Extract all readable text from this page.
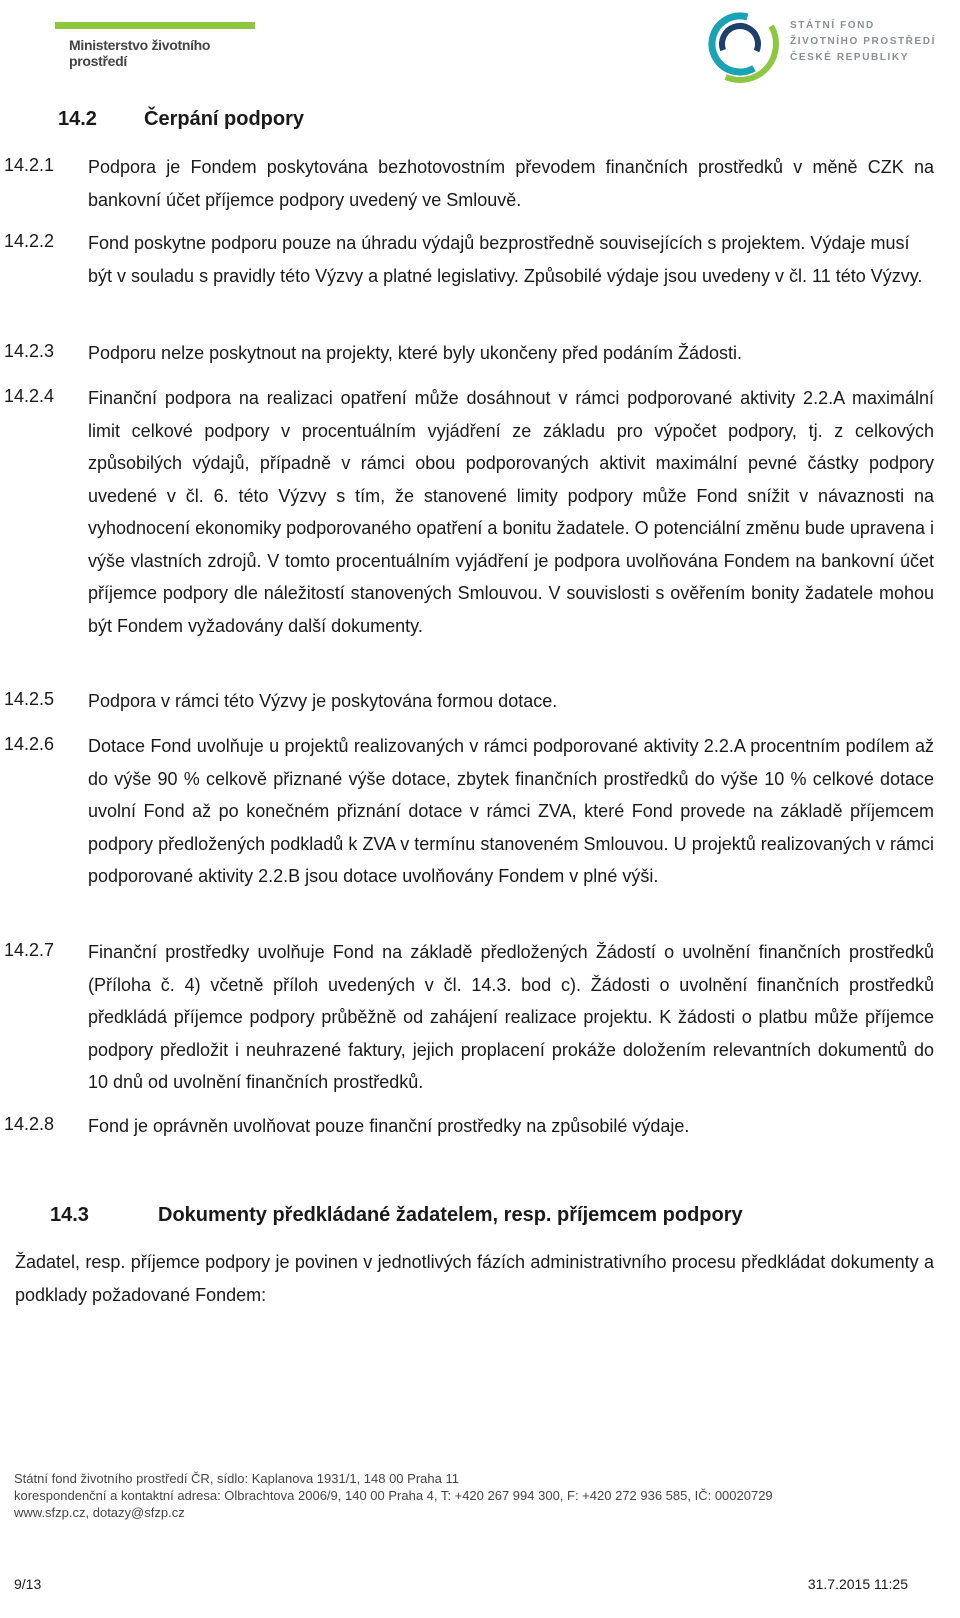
Ministerstvo životního prostředí
STÁTNÍ FOND
ŽIVOTNÍHO PROSTŘEDÍ
ČESKÉ REPUBLIKY
14.2 Čerpání podpory
14.2.1 Podpora je Fondem poskytována bezhotovostním převodem finančních prostředků v měně CZK na bankovní účet příjemce podpory uvedený ve Smlouvě.
14.2.2 Fond poskytne podporu pouze na úhradu výdajů bezprostředně souvisejících s projektem. Výdaje musí být v souladu s pravidly této Výzvy a platné legislativy. Způsobilé výdaje jsou uvedeny v čl. 11 této Výzvy.
14.2.3 Podporu nelze poskytnout na projekty, které byly ukončeny před podáním Žádosti.
14.2.4 Finanční podpora na realizaci opatření může dosáhnout v rámci podporované aktivity 2.2.A maximální limit celkové podpory v procentuálním vyjádření ze základu pro výpočet podpory, tj. z celkových způsobilých výdajů, případně v rámci obou podporovaných aktivit maximální pevné částky podpory uvedené v čl. 6. této Výzvy s tím, že stanovené limity podpory může Fond snížit v návaznosti na vyhodnocení ekonomiky podporovaného opatření a bonitu žadatele. O potenciální změnu bude upravena i výše vlastních zdrojů. V tomto procentuálním vyjádření je podpora uvolňována Fondem na bankovní účet příjemce podpory dle náležitostí stanovených Smlouvou. V souvislosti s ověřením bonity žadatele mohou být Fondem vyžadovány další dokumenty.
14.2.5 Podpora v rámci této Výzvy je poskytována formou dotace.
14.2.6 Dotace Fond uvolňuje u projektů realizovaných v rámci podporované aktivity 2.2.A procentním podílem až do výše 90 % celkově přiznané výše dotace, zbytek finančních prostředků do výše 10 % celkové dotace uvolní Fond až po konečném přiznání dotace v rámci ZVA, které Fond provede na základě příjemcem podpory předložených podkladů k ZVA v termínu stanoveném Smlouvou. U projektů realizovaných v rámci podporované aktivity 2.2.B jsou dotace uvolňovány Fondem v plné výši.
14.2.7 Finanční prostředky uvolňuje Fond na základě předložených Žádostí o uvolnění finančních prostředků (Příloha č. 4) včetně příloh uvedených v čl. 14.3. bod c). Žádosti o uvolnění finančních prostředků předkládá příjemce podpory průběžně od zahájení realizace projektu. K žádosti o platbu může příjemce podpory předložit i neuhrazené faktury, jejich proplacení prokáže doložením relevantních dokumentů do 10 dnů od uvolnění finančních prostředků.
14.2.8 Fond je oprávněn uvolňovat pouze finanční prostředky na způsobilé výdaje.
14.3	Dokumenty předkládané žadatelem, resp. příjemcem podpory
Žadatel, resp. příjemce podpory je povinen v jednotlivých fázích administrativního procesu předkládat dokumenty a podklady požadované Fondem:
Státní fond životního prostředí ČR, sídlo: Kaplanova 1931/1, 148 00 Praha 11
korespondenční a kontaktní adresa: Olbrachtova 2006/9, 140 00 Praha 4, T: +420 267 994 300, F: +420 272 936 585, IČ: 00020729
www.sfzp.cz, dotazy@sfzp.cz
9/13	31.7.2015 11:25
